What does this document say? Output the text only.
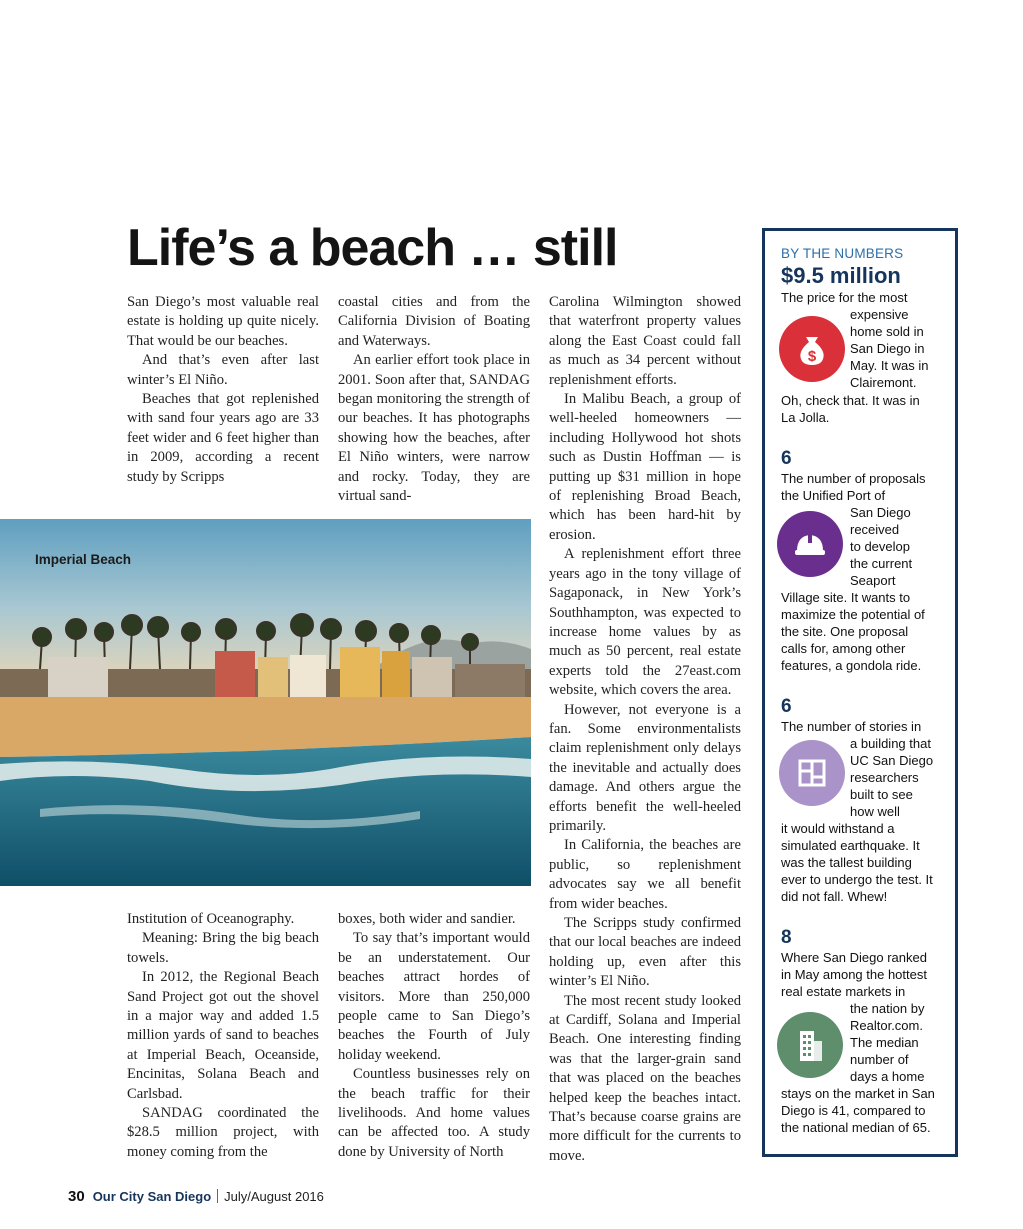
Life’s a beach … still

San Diego’s most valuable real estate is holding up quite nicely. That would be our beaches.

And that’s even after last winter’s El Niño.

Beaches that got replenished with sand four years ago are 33 feet wider and 6 feet higher than in 2009, according a recent study by Scripps

coastal cities and from the California Division of Boating and Waterways.

An earlier effort took place in 2001. Soon after that, SANDAG began monitoring the strength of our beaches. It has photographs showing how the beaches, after El Niño winters, were narrow and rocky. Today, they are virtual sand-

Carolina Wilmington showed that waterfront property values along the East Coast could fall as much as 34 percent without replenishment efforts.

In Malibu Beach, a group of well-heeled homeowners — including Hollywood hot shots such as Dustin Hoffman — is putting up $31 million in hope of replenishing Broad Beach, which has been hard-hit by erosion.

A replenishment effort three years ago in the tony village of Sagaponack, in New York’s Southhampton, was expected to increase home values by as much as 50 percent, real estate experts told the 27east.com website, which covers the area.

However, not everyone is a fan. Some environmentalists claim replenishment only delays the inevitable and actually does damage. And others argue the efforts benefit the well-heeled primarily.

In California, the beaches are public, so replenishment advocates say we all benefit from wider beaches.

The Scripps study confirmed that our local beaches are indeed holding up, even after this winter’s El Niño.

The most recent study looked at Cardiff, Solana and Imperial Beach. One interesting finding was that the larger-grain sand that was placed on the beaches helped keep the beaches intact. That’s because coarse grains are more difficult for the currents to move.

Imperial Beach

Institution of Oceanography.

Meaning: Bring the big beach towels.

In 2012, the Regional Beach Sand Project got out the shovel in a major way and added 1.5 million yards of sand to beaches at Imperial Beach, Oceanside, Encinitas, Solana Beach and Carlsbad.

SANDAG coordinated the $28.5 million project, with money coming from the

boxes, both wider and sandier.

To say that’s important would be an understatement. Our beaches attract hordes of visitors. More than 250,000 people came to San Diego’s beaches the Fourth of July holiday weekend.

Countless businesses rely on the beach traffic for their livelihoods. And home values can be affected too. A study done by University of North

BY THE NUMBERS
$9.5 million
$
The price for the most
expensive
home sold in
San Diego in
May. It was in
Clairemont.
Oh, check that. It was in
La Jolla.
6
The number of proposals
the Unified Port of
San Diego
received
to develop
the current
Seaport
Village site. It wants to
maximize the potential of
the site. One proposal
calls for, among other
features, a gondola ride.
6
The number of stories in
a building that
UC San Diego
researchers
built to see
how well
it would withstand a
simulated earthquake. It
was the tallest building
ever to undergo the test. It
did not fall. Whew!
8
Where San Diego ranked
in May among the hottest
real estate markets in
the nation by
Realtor.com.
The median
number of
days a home
stays on the market in San
Diego is 41, compared to
the national median of 65.
30 Our City San Diego July/August 2016
